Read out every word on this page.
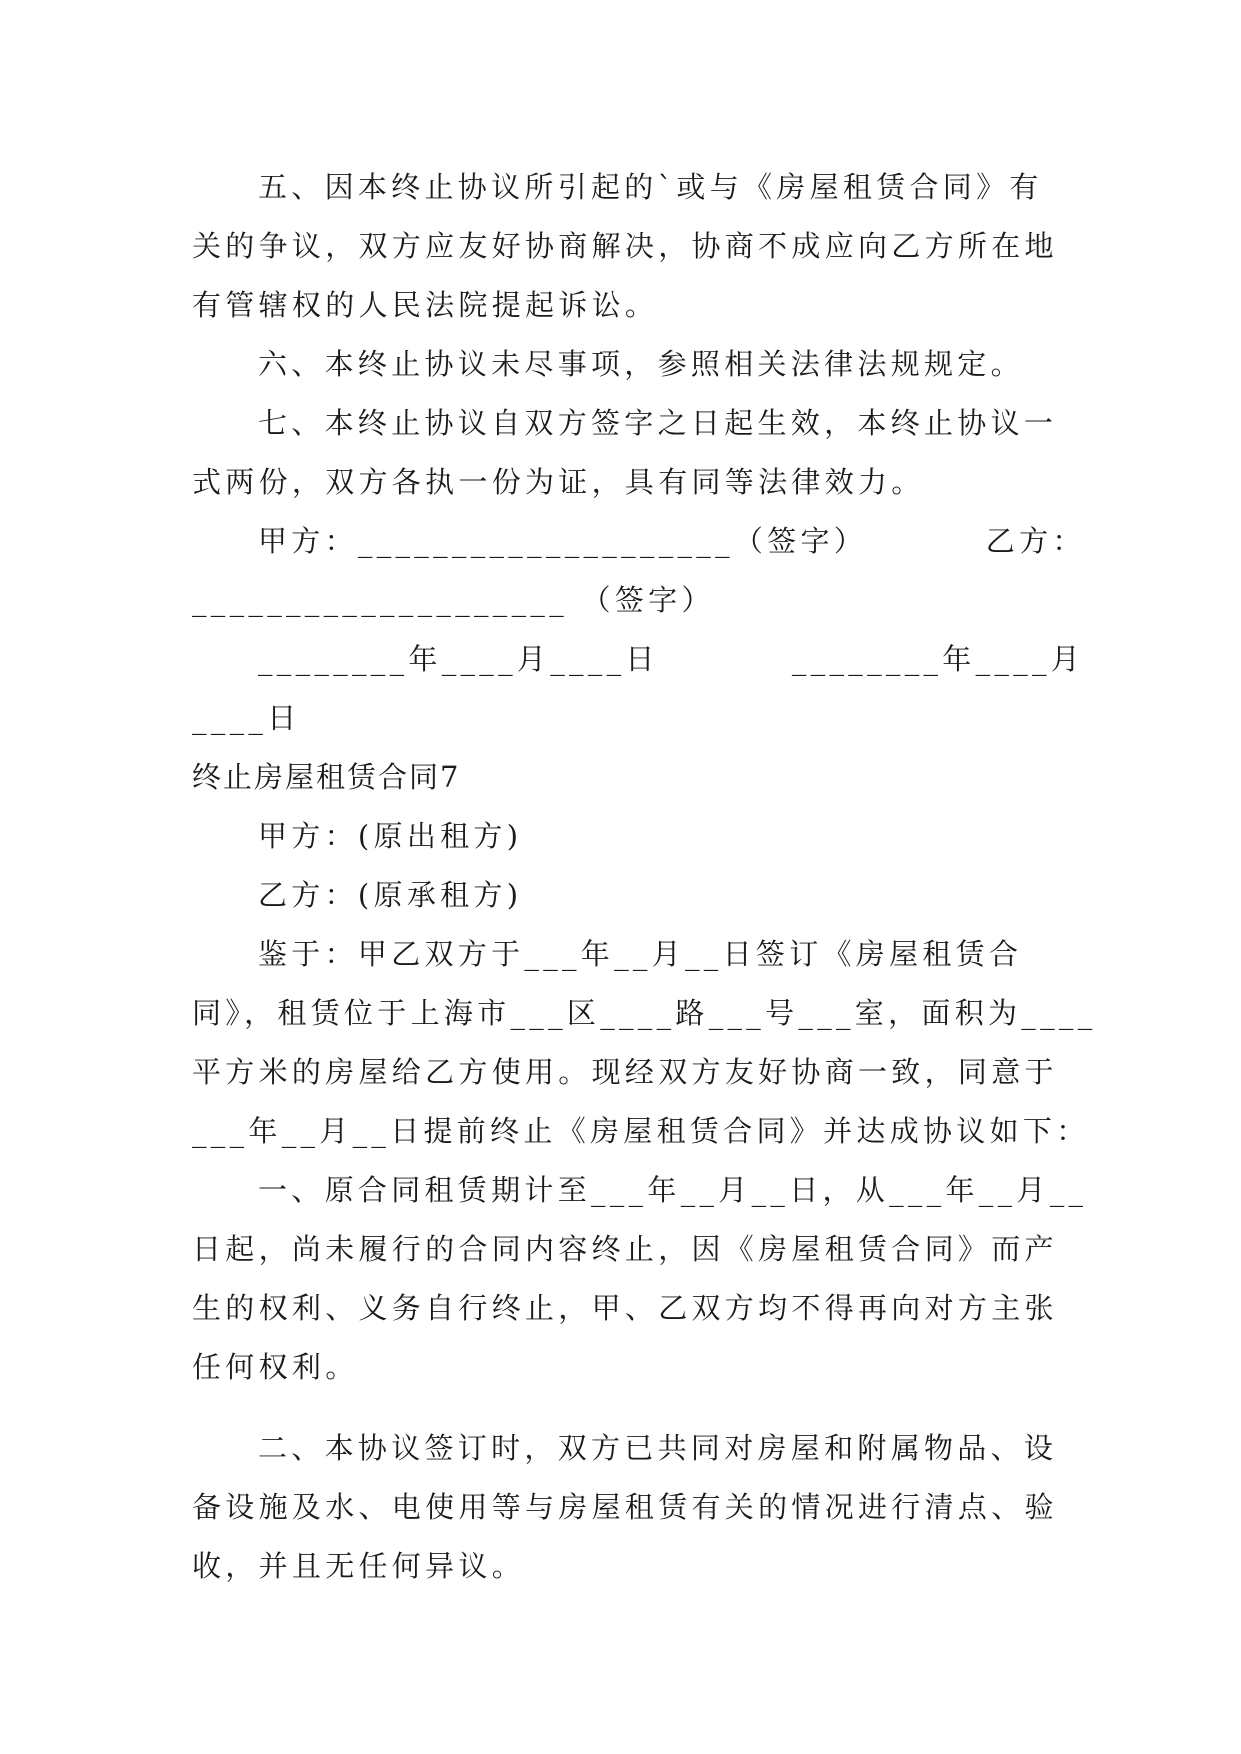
五、因本终止协议所引起的`或与《房屋租赁合同》有
关的争议，双方应友好协商解决，协商不成应向乙方所在地
有管辖权的人民法院提起诉讼。
六、本终止协议未尽事项，参照相关法律法规规定。
七、本终止协议自双方签字之日起生效，本终止协议一
式两份，双方各执一份为证，具有同等法律效力。
甲方：____________________（签字）　　　　乙方：
____________________ （签字）
________年____月____日　　　　________年____月
____日
终止房屋租赁合同7
甲方：(原出租方)
乙方：(原承租方)
鉴于：甲乙双方于___年__月__日签订《房屋租赁合
同》，租赁位于上海市___区____路___号___室，面积为____
平方米的房屋给乙方使用。现经双方友好协商一致，同意于
___年__月__日提前终止《房屋租赁合同》并达成协议如下：
一、原合同租赁期计至___年__月__日，从___年__月__
日起，尚未履行的合同内容终止，因《房屋租赁合同》而产
生的权利、义务自行终止，甲、乙双方均不得再向对方主张
任何权利。
二、本协议签订时，双方已共同对房屋和附属物品、设
备设施及水、电使用等与房屋租赁有关的情况进行清点、验
收，并且无任何异议。
